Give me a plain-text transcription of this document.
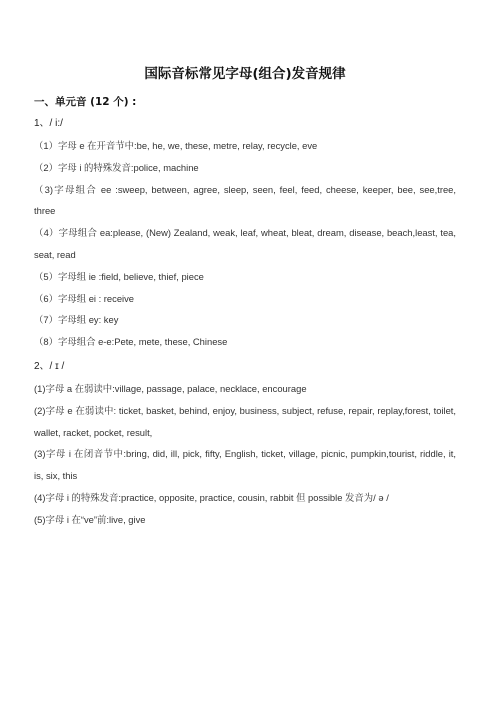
国际音标常见字母(组合)发音规律
一、单元音 (12 个) :

1、/ i:/

（1）字母 e 在开音节中:be, he, we, these, metre, relay, recycle, eve

（2）字母 i 的特殊发音:police, machine

（3)字母组合 ee :sweep, between, agree, sleep, seen, feel, feed, cheese, keeper, bee, see,tree, three

（4）字母组合 ea:please, (New) Zealand, weak, leaf, wheat, bleat, dream, disease, beach,least, tea, seat, read

（5）字母组 ie :field, believe, thief, piece

（6）字母组 ei : receive

（7）字母组 ey: key

（8）字母组合 e-e:Pete, mete, these, Chinese

2、/ ɪ /

(1)字母 a 在弱读中:village, passage, palace, necklace, encourage

(2)字母 e 在弱读中: ticket, basket, behind, enjoy, business, subject, refuse, repair, replay,forest, toilet, wallet, racket, pocket, result,

(3)字母 i 在闭音节中:bring, did, ill, pick, fifty, English, ticket, village, picnic, pumpkin,tourist, riddle, it, is, six, this

(4)字母 i 的特殊发音:practice, opposite, practice, cousin, rabbit 但 possible 发音为/ ə /

(5)字母 i 在“ve”前:live, give
